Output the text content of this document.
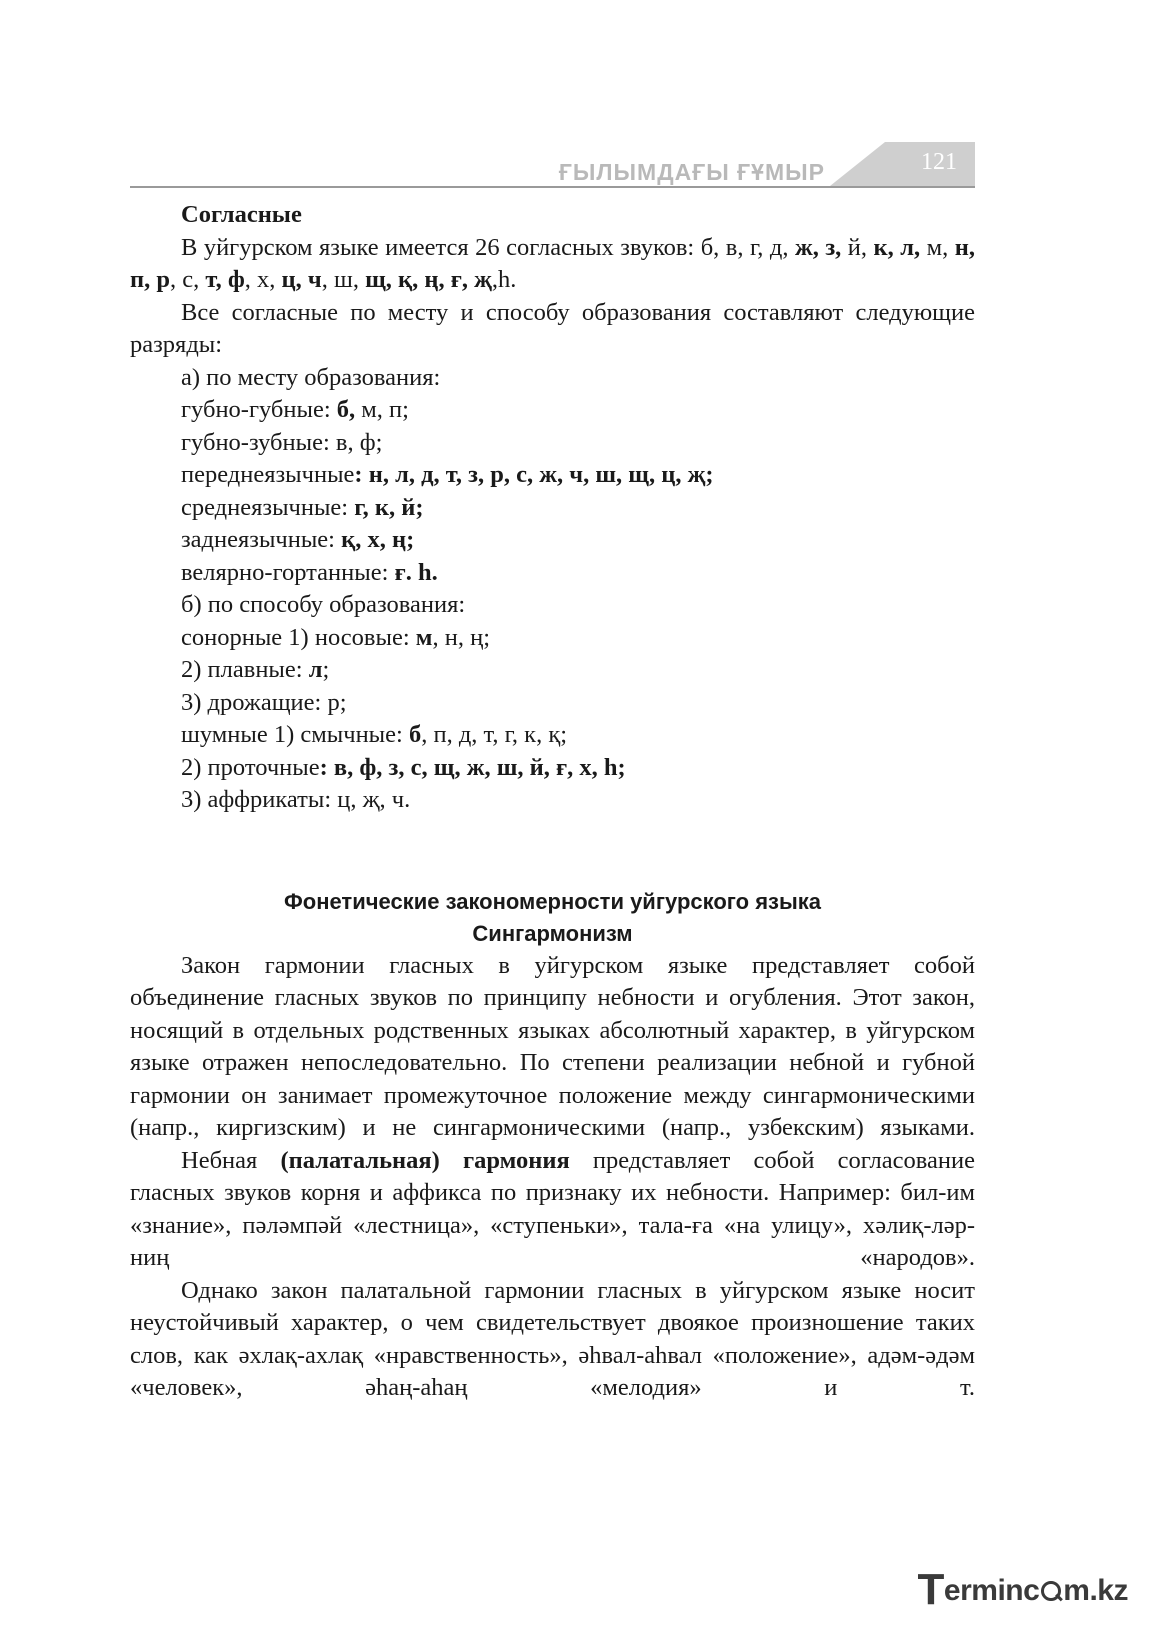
ҒЫЛЫМДАҒЫ ҒҰМЫР	121

Согласные

В уйгурском языке имеется 26 согласных звуков: б, в, г, д, ж, з, й, к, л, м, н, п, р, с, т, ф, х, ц, ч, ш, щ, қ, ң, ғ, җ,һ.

Все согласные по месту и способу образования составляют следующие разряды:

а) по месту образования:

губно-губные: б, м, п;

губно-зубные: в, ф;

переднеязычные: н, л, д, т, з, р, с, ж, ч, ш, щ, ц, җ;

среднеязычные: г, к, й;

заднеязычные: қ, х, ң;

велярно-гортанные: ғ. һ.

б) по способу образования:

сонорные 1) носовые: м, н, ң;

2) плавные: л;

3) дрожащие: р;

шумные 1) смычные: б, п, д, т, г, к, қ;

2) проточные: в, ф, з, с, щ, ж, ш, й, ғ, х, һ;

3) аффрикаты: ц, җ, ч.

Фонетические закономерности уйгурского языка
Сингармонизм

Закон гармонии гласных в уйгурском языке представляет собой объединение гласных звуков по принципу небности и огубления. Этот закон, носящий в отдельных родственных языках абсолютный характер, в уйгурском языке отражен непоследовательно. По степени реализации небной и губной гармонии он занимает промежуточное положение между сингармоническими (напр., киргизским) и не сингармоническими (напр., узбекским) языками.

Небная (палатальная) гармония представляет собой согласование гласных звуков корня и аффикса по признаку их небности. Например: бил-им «знание», пәләмпәй «лестница», «ступеньки», тала-ға «на улицу», хәлиқ-ләр-ниң «народов».

Однако закон палатальной гармонии гласных в уйгурском языке носит неустойчивый характер, о чем свидетельствует двоякое произношение таких слов, как әхлақ-ахлақ «нравственность», әһвал-аһвал «положение», адәм-әдәм «человек», әһаң-аһаң «мелодия» и т.

Terminc m.kz
